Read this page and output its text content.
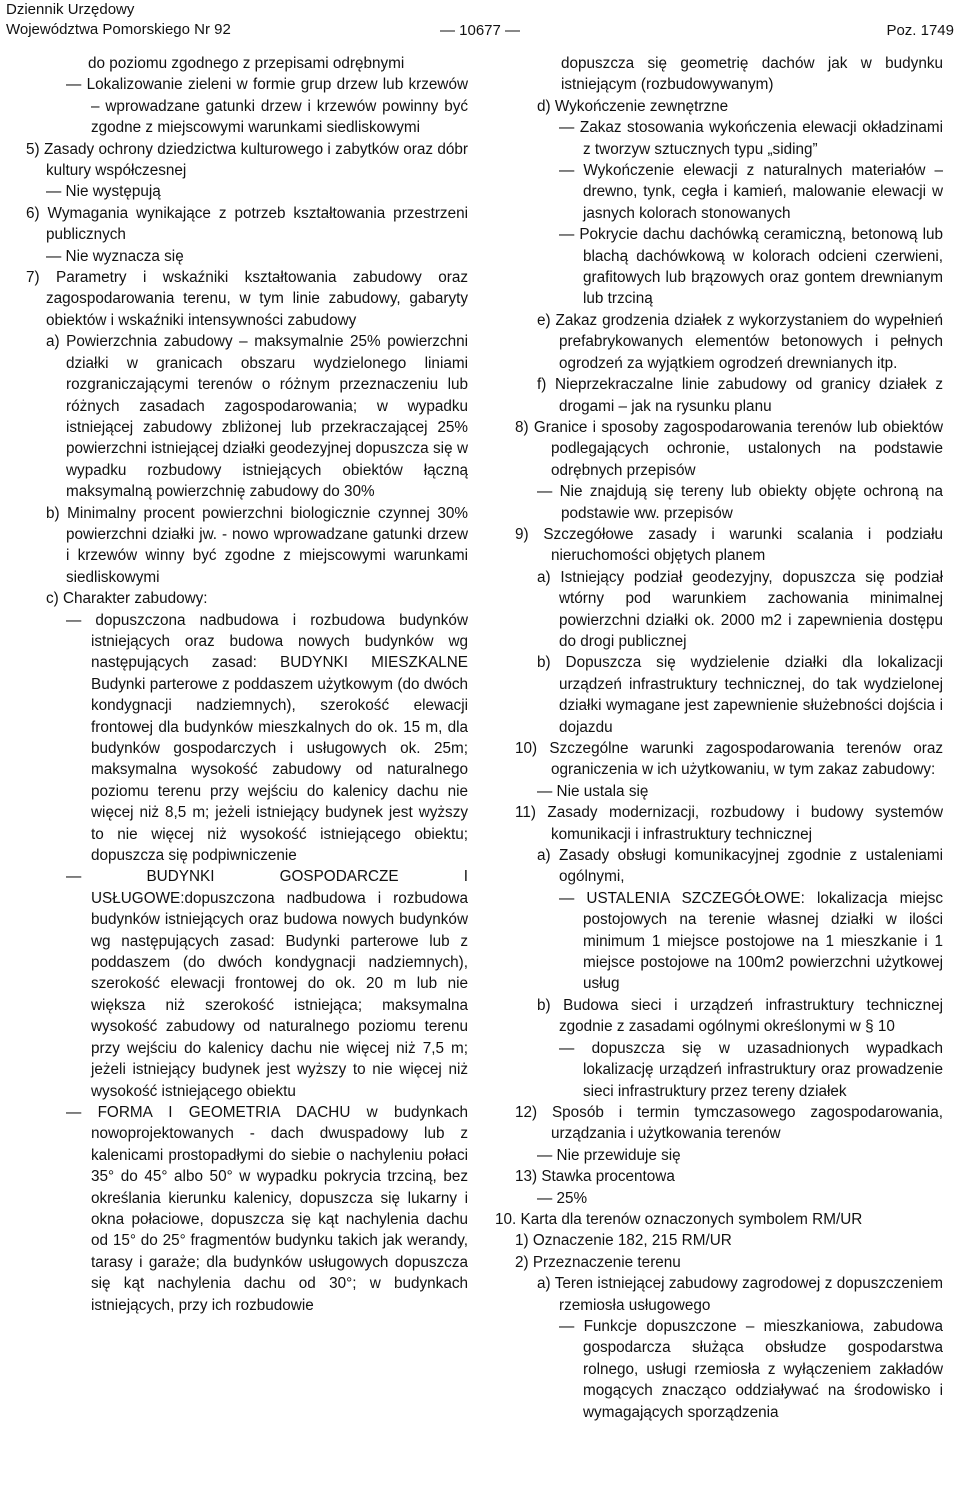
Dziennik Urzędowy
Województwa Pomorskiego Nr 92	— 10677 —	Poz. 1749

do poziomu zgodnego z przepisami odrębnymi

— Lokalizowanie zieleni w formie grup drzew lub krzewów – wprowadzane gatunki drzew i krzewów powinny być zgodne z miejscowymi warunkami siedliskowymi

5) Zasady ochrony dziedzictwa kulturowego i zabytków oraz dóbr kultury współczesnej

— Nie występują

6) Wymagania wynikające z potrzeb kształtowania przestrzeni publicznych

— Nie wyznacza się

7) Parametry i wskaźniki kształtowania zabudowy oraz zagospodarowania terenu, w tym linie zabudowy, gabaryty obiektów i wskaźniki intensywności zabudowy

a) Powierzchnia zabudowy – maksymalnie 25% powierzchni działki w granicach obszaru wydzielonego liniami rozgraniczającymi terenów o różnym przeznaczeniu lub różnych zasadach zagospodarowania; w wypadku istniejącej zabudowy zbliżonej lub przekraczającej 25% powierzchni istniejącej działki geodezyjnej dopuszcza się w wypadku rozbudowy istniejących obiektów łączną maksymalną powierzchnię zabudowy do 30%

b) Minimalny procent powierzchni biologicznie czynnej 30% powierzchni działki jw. - nowo wprowadzane gatunki drzew i krzewów winny być zgodne z miejscowymi warunkami siedliskowymi

c) Charakter zabudowy:

— dopuszczona nadbudowa i rozbudowa budynków istniejących oraz budowa nowych budynków wg następujących zasad: BUDYNKI MIESZKALNE Budynki parterowe z poddaszem użytkowym (do dwóch kondygnacji nadziemnych), szerokość elewacji frontowej dla budynków mieszkalnych do ok. 15 m, dla budynków gospodarczych i usługowych ok. 25m; maksymalna wysokość zabudowy od naturalnego poziomu terenu przy wejściu do kalenicy dachu nie więcej niż 8,5 m; jeżeli istniejący budynek jest wyższy to nie więcej niż wysokość istniejącego obiektu; dopuszcza się podpiwniczenie

— BUDYNKI GOSPODARCZE I USŁUGOWE:dopuszczona nadbudowa i rozbudowa budynków istniejących oraz budowa nowych budynków wg następujących zasad: Budynki parterowe lub z poddaszem (do dwóch kondygnacji nadziemnych), szerokość elewacji frontowej do ok. 20 m lub nie większa niż szerokość istniejąca; maksymalna wysokość zabudowy od naturalnego poziomu terenu przy wejściu do kalenicy dachu nie więcej niż 7,5 m; jeżeli istniejący budynek jest wyższy to nie więcej niż wysokość istniejącego obiektu

— FORMA I GEOMETRIA DACHU w budynkach nowoprojektowanych - dach dwuspadowy lub z kalenicami prostopadłymi do siebie o nachyleniu połaci 35° do 45° albo 50° w wypadku pokrycia trzciną, bez określania kierunku kalenicy, dopuszcza się lukarny i okna połaciowe, dopuszcza się kąt nachylenia dachu od 15° do 25° fragmentów budynku takich jak werandy, tarasy i garaże; dla budynków usługowych dopuszcza się kąt nachylenia dachu od 30°; w budynkach istniejących, przy ich rozbudowie

dopuszcza się geometrię dachów jak w budynku istniejącym (rozbudowywanym)

d) Wykończenie zewnętrzne

— Zakaz stosowania wykończenia elewacji okładzinami z tworzyw sztucznych typu „siding”

— Wykończenie elewacji z naturalnych materiałów – drewno, tynk, cegła i kamień, malowanie elewacji w jasnych kolorach stonowanych

— Pokrycie dachu dachówką ceramiczną, betonową lub blachą dachówkową w kolorach odcieni czerwieni, grafitowych lub brązowych oraz gontem drewnianym lub trzciną

e) Zakaz grodzenia działek z wykorzystaniem do wypełnień prefabrykowanych elementów betonowych i pełnych ogrodzeń za wyjątkiem ogrodzeń drewnianych itp.

f) Nieprzekraczalne linie zabudowy od granicy działek z drogami – jak na rysunku planu

8) Granice i sposoby zagospodarowania terenów lub obiektów podlegających ochronie, ustalonych na podstawie odrębnych przepisów

— Nie znajdują się tereny lub obiekty objęte ochroną na podstawie ww. przepisów

9) Szczegółowe zasady i warunki scalania i podziału nieruchomości objętych planem

a) Istniejący podział geodezyjny, dopuszcza się podział wtórny pod warunkiem zachowania minimalnej powierzchni działki ok. 2000 m2 i zapewnienia dostępu do drogi publicznej

b) Dopuszcza się wydzielenie działki dla lokalizacji urządzeń infrastruktury technicznej, do tak wydzielonej działki wymagane jest zapewnienie służebności dojścia i dojazdu

10) Szczególne warunki zagospodarowania terenów oraz ograniczenia w ich użytkowaniu, w tym zakaz zabudowy:

— Nie ustala się

11) Zasady modernizacji, rozbudowy i budowy systemów komunikacji i infrastruktury technicznej

a) Zasady obsługi komunikacyjnej zgodnie z ustaleniami ogólnymi,

— USTALENIA SZCZEGÓŁOWE: lokalizacja miejsc postojowych na terenie własnej działki w ilości minimum 1 miejsce postojowe na 1 mieszkanie i 1 miejsce postojowe na 100m2 powierzchni użytkowej usług

b) Budowa sieci i urządzeń infrastruktury technicznej zgodnie z zasadami ogólnymi określonymi w § 10

— dopuszcza się w uzasadnionych wypadkach lokalizację urządzeń infrastruktury oraz prowadzenie sieci infrastruktury przez tereny działek

12) Sposób i termin tymczasowego zagospodarowania, urządzania i użytkowania terenów

— Nie przewiduje się

13) Stawka procentowa

— 25%

10. Karta dla terenów oznaczonych symbolem RM/UR

1) Oznaczenie 182, 215 RM/UR

2) Przeznaczenie terenu

a) Teren istniejącej zabudowy zagrodowej z dopuszczeniem rzemiosła usługowego

— Funkcje dopuszczone – mieszkaniowa, zabudowa gospodarcza służąca obsłudze gospodarstwa rolnego, usługi rzemiosła z wyłączeniem zakładów mogących znacząco oddziaływać na środowisko i wymagających sporządzenia
